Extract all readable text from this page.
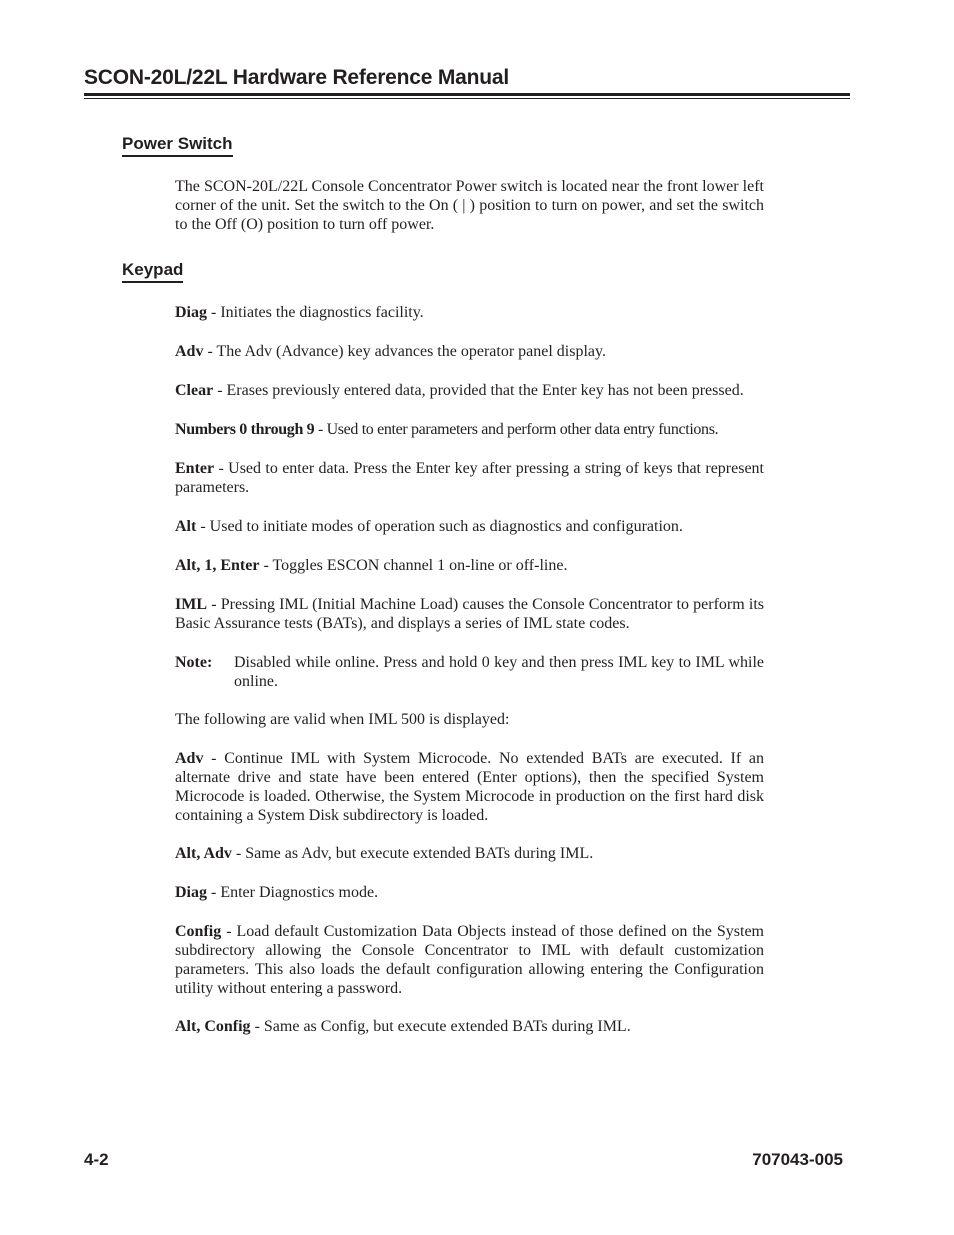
SCON-20L/22L Hardware Reference Manual
Power Switch

The SCON-20L/22L Console Concentrator Power switch is located near the front lower left corner of the unit. Set the switch to the On ( | ) position to turn on power, and set the switch to the Off (O) position to turn off power.

Keypad

Diag - Initiates the diagnostics facility.

Adv - The Adv (Advance) key advances the operator panel display.

Clear - Erases previously entered data, provided that the Enter key has not been pressed.

Numbers 0 through 9 - Used to enter parameters and perform other data entry functions.

Enter - Used to enter data. Press the Enter key after pressing a string of keys that represent parameters.

Alt - Used to initiate modes of operation such as diagnostics and configuration.

Alt, 1, Enter - Toggles ESCON channel 1 on-line or off-line.

IML - Pressing IML (Initial Machine Load) causes the Console Concentrator to perform its Basic Assurance tests (BATs), and displays a series of IML state codes.

Note: Disabled while online. Press and hold 0 key and then press IML key to IML while online.

The following are valid when IML 500 is displayed:

Adv - Continue IML with System Microcode. No extended BATs are executed. If an alternate drive and state have been entered (Enter options), then the specified System Microcode is loaded. Otherwise, the System Microcode in production on the first hard disk containing a System Disk subdirectory is loaded.

Alt, Adv - Same as Adv, but execute extended BATs during IML.

Diag - Enter Diagnostics mode.

Config - Load default Customization Data Objects instead of those defined on the System subdirectory allowing the Console Concentrator to IML with default customization parameters. This also loads the default configuration allowing entering the Configuration utility without entering a password.

Alt, Config - Same as Config, but execute extended BATs during IML.

4-2	707043-005
